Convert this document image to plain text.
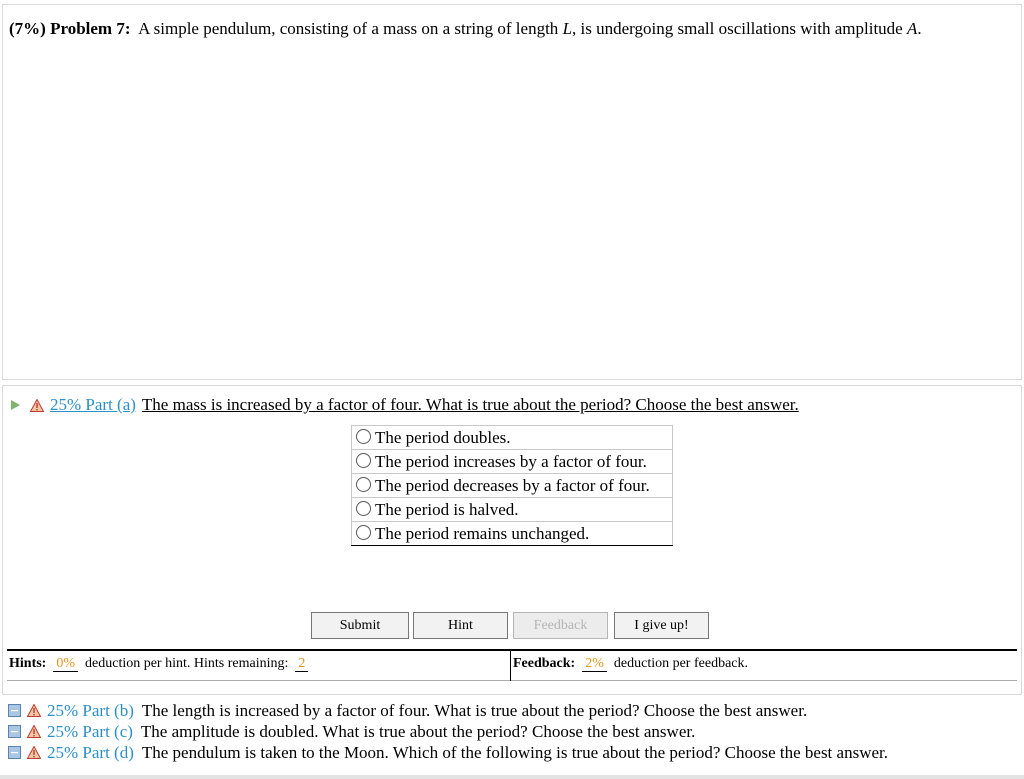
(7%) Problem 7: A simple pendulum, consisting of a mass on a string of length L, is undergoing small oscillations with amplitude A.
25% Part (a) The mass is increased by a factor of four. What is true about the period? Choose the best answer.
The period doubles.
The period increases by a factor of four.
The period decreases by a factor of four.
The period is halved.
The period remains unchanged.
Submit	Hint	Feedback	I give up!
Hints: 0% deduction per hint. Hints remaining: 2	Feedback: 2% deduction per feedback.
25% Part (b) The length is increased by a factor of four. What is true about the period? Choose the best answer.
25% Part (c) The amplitude is doubled. What is true about the period? Choose the best answer.
25% Part (d) The pendulum is taken to the Moon. Which of the following is true about the period? Choose the best answer.
